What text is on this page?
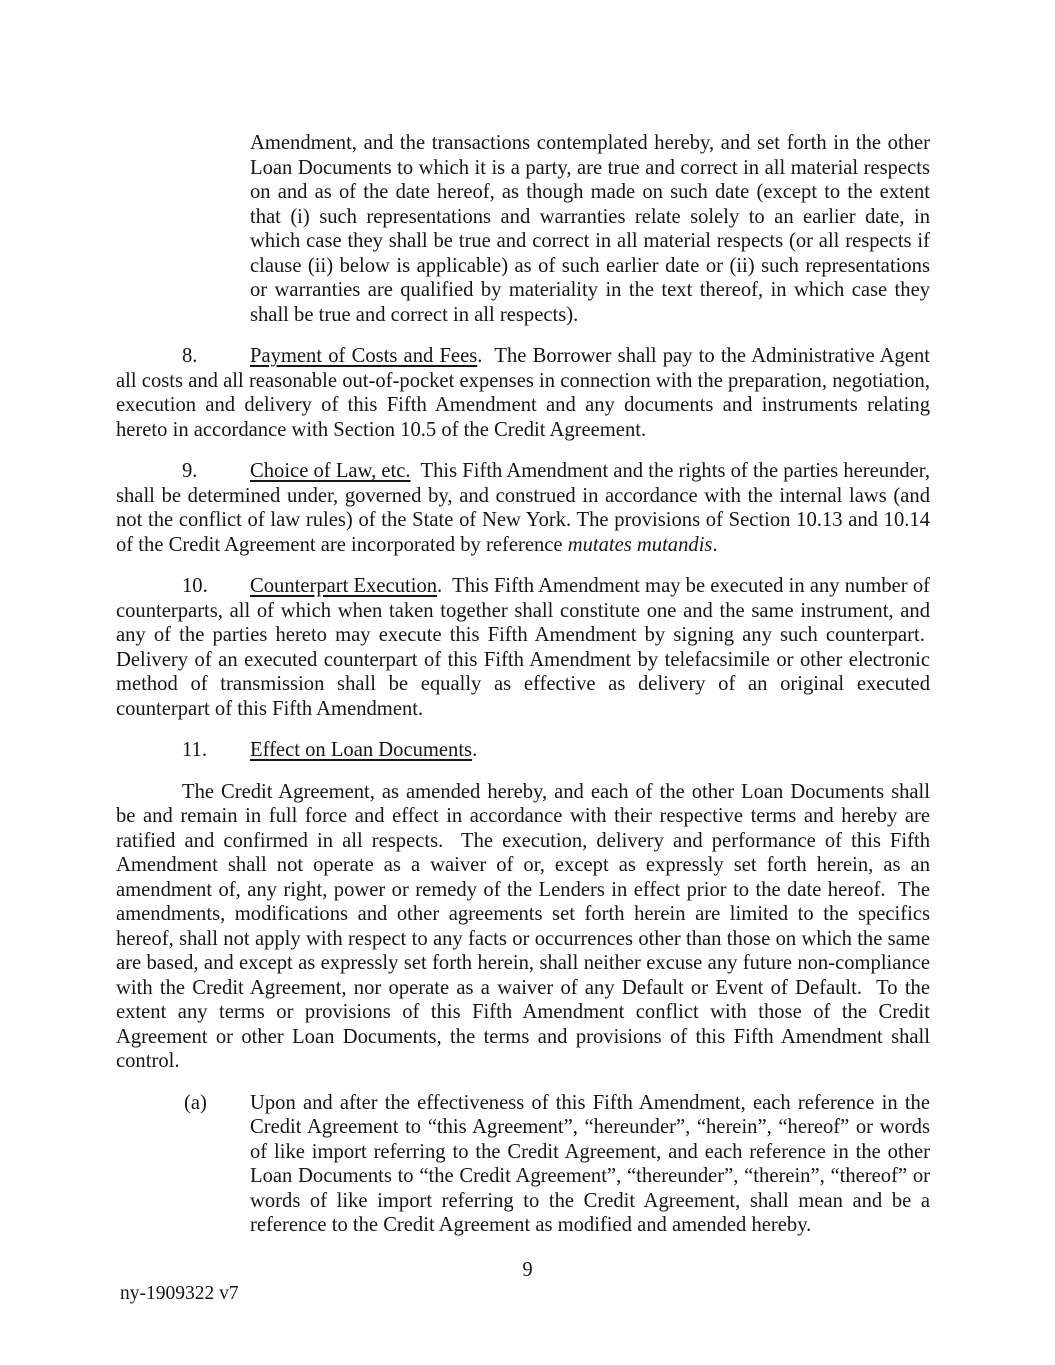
Amendment, and the transactions contemplated hereby, and set forth in the other Loan Documents to which it is a party, are true and correct in all material respects on and as of the date hereof, as though made on such date (except to the extent that (i) such representations and warranties relate solely to an earlier date, in which case they shall be true and correct in all material respects (or all respects if clause (ii) below is applicable) as of such earlier date or (ii) such representations or warranties are qualified by materiality in the text thereof, in which case they shall be true and correct in all respects).

8.	Payment of Costs and Fees.  The Borrower shall pay to the Administrative Agent all costs and all reasonable out-of-pocket expenses in connection with the preparation, negotiation, execution and delivery of this Fifth Amendment and any documents and instruments relating hereto in accordance with Section 10.5 of the Credit Agreement.

9.	Choice of Law, etc.  This Fifth Amendment and the rights of the parties hereunder, shall be determined under, governed by, and construed in accordance with the internal laws (and not the conflict of law rules) of the State of New York. The provisions of Section 10.13 and 10.14 of the Credit Agreement are incorporated by reference mutates mutandis.

10. Counterpart Execution.  This Fifth Amendment may be executed in any number of counterparts, all of which when taken together shall constitute one and the same instrument, and any of the parties hereto may execute this Fifth Amendment by signing any such counterpart.  Delivery of an executed counterpart of this Fifth Amendment by telefacsimile or other electronic method of transmission shall be equally as effective as delivery of an original executed counterpart of this Fifth Amendment.

11. Effect on Loan Documents.

The Credit Agreement, as amended hereby, and each of the other Loan Documents shall be and remain in full force and effect in accordance with their respective terms and hereby are ratified and confirmed in all respects.  The execution, delivery and performance of this Fifth Amendment shall not operate as a waiver of or, except as expressly set forth herein, as an amendment of, any right, power or remedy of the Lenders in effect prior to the date hereof.  The amendments, modifications and other agreements set forth herein are limited to the specifics hereof, shall not apply with respect to any facts or occurrences other than those on which the same are based, and except as expressly set forth herein, shall neither excuse any future non-compliance with the Credit Agreement, nor operate as a waiver of any Default or Event of Default.  To the extent any terms or provisions of this Fifth Amendment conflict with those of the Credit Agreement or other Loan Documents, the terms and provisions of this Fifth Amendment shall control.

(a) Upon and after the effectiveness of this Fifth Amendment, each reference in the Credit Agreement to “this Agreement”, “hereunder”, “herein”, “hereof” or words of like import referring to the Credit Agreement, and each reference in the other Loan Documents to “the Credit Agreement”, “thereunder”, “therein”, “thereof” or words of like import referring to the Credit Agreement, shall mean and be a reference to the Credit Agreement as modified and amended hereby.

9
ny-1909322 v7
